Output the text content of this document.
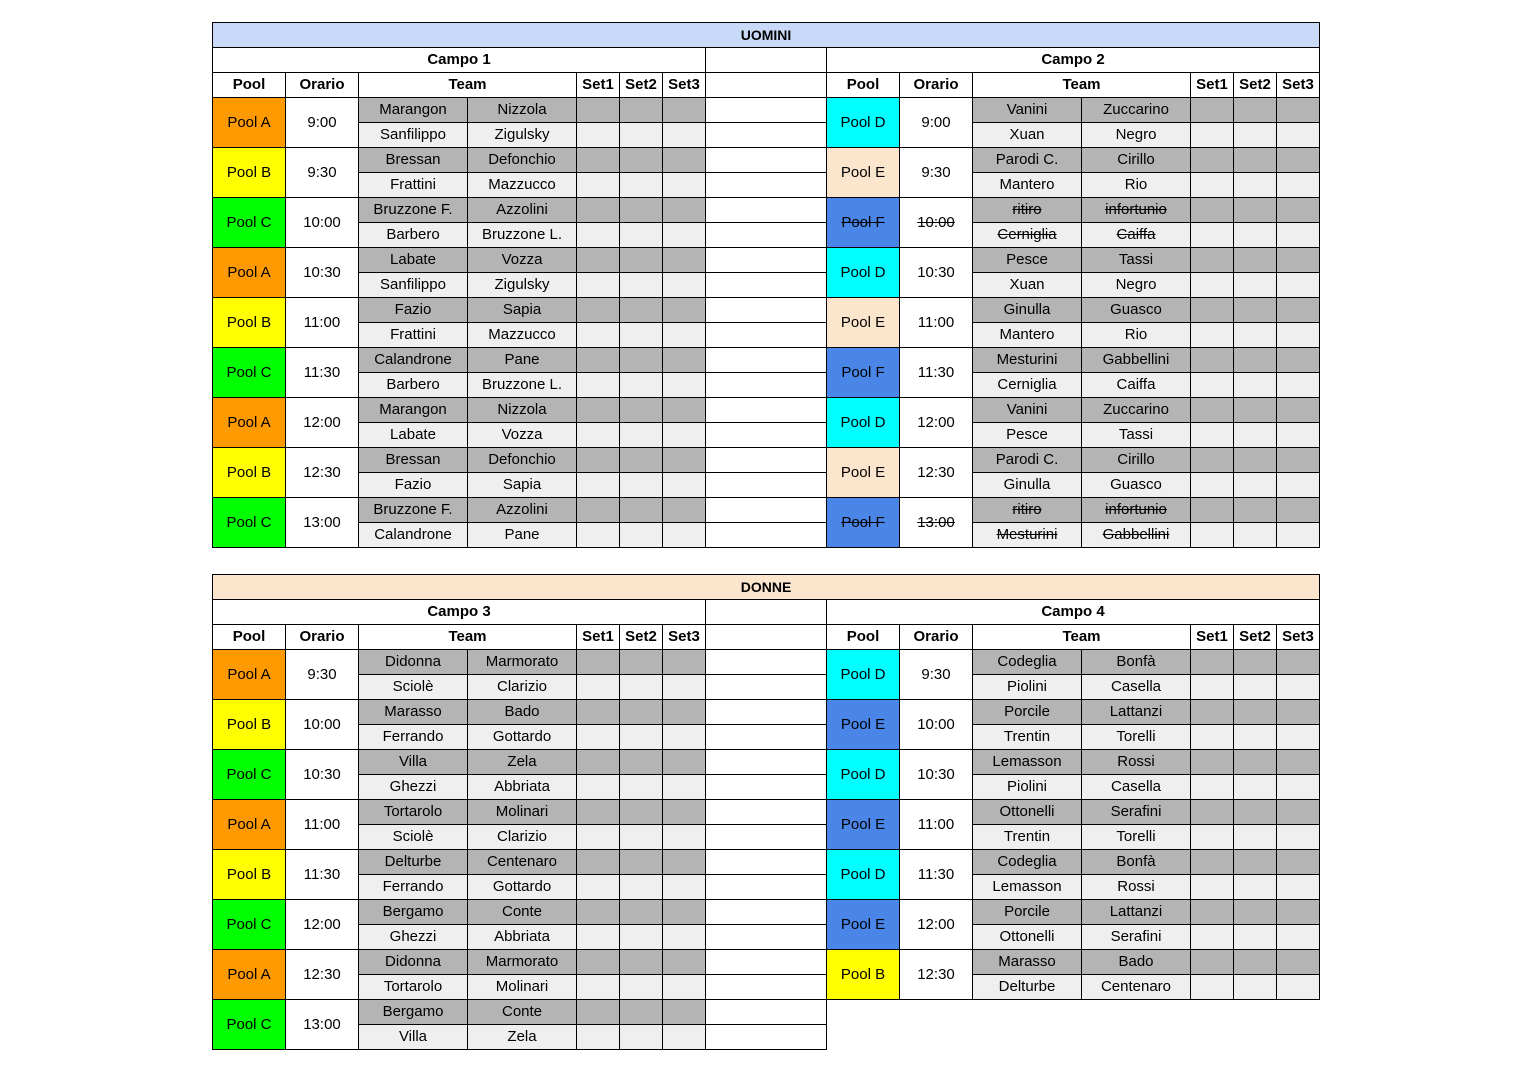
UOMINI														
Campo 1								Campo 2						
Pool	Orario	Team		Set1	Set2	Set3		Pool	Orario	Team		Set1	Set2	Set3
Pool A	9:00	Marangon	Nizzola					Pool D	9:00	Vanini	Zuccarino			
		Sanfilippo	Zigulsky							Xuan	Negro			
Pool B	9:30	Bressan	Defonchio					Pool E	9:30	Parodi C.	Cirillo			
		Frattini	Mazzucco							Mantero	Rio			
Pool C	10:00	Bruzzone F.	Azzolini					Pool F	10:00	ritiro	infortunio			
		Barbero	Bruzzone L.							Cerniglia	Caiffa			
Pool A	10:30	Labate	Vozza					Pool D	10:30	Pesce	Tassi			
		Sanfilippo	Zigulsky							Xuan	Negro			
Pool B	11:00	Fazio	Sapia					Pool E	11:00	Ginulla	Guasco			
		Frattini	Mazzucco							Mantero	Rio			
Pool C	11:30	Calandrone	Pane					Pool F	11:30	Mesturini	Gabbellini			
		Barbero	Bruzzone L.							Cerniglia	Caiffa			
Pool A	12:00	Marangon	Nizzola					Pool D	12:00	Vanini	Zuccarino			
		Labate	Vozza							Pesce	Tassi			
Pool B	12:30	Bressan	Defonchio					Pool E	12:30	Parodi C.	Cirillo			
		Fazio	Sapia							Ginulla	Guasco			
Pool C	13:00	Bruzzone F.	Azzolini					Pool F	13:00	ritiro	infortunio			
		Calandrone	Pane							Mesturini	Gabbellini			
DONNE														
Campo 3								Campo 4						
Pool	Orario	Team		Set1	Set2	Set3		Pool	Orario	Team		Set1	Set2	Set3
Pool A	9:30	Didonna	Marmorato					Pool D	9:30	Codeglia	Bonfà			
		Sciolè	Clarizio							Piolini	Casella			
Pool B	10:00	Marasso	Bado					Pool E	10:00	Porcile	Lattanzi			
		Ferrando	Gottardo							Trentin	Torelli			
Pool C	10:30	Villa	Zela					Pool D	10:30	Lemasson	Rossi			
		Ghezzi	Abbriata							Piolini	Casella			
Pool A	11:00	Tortarolo	Molinari					Pool E	11:00	Ottonelli	Serafini			
		Sciolè	Clarizio							Trentin	Torelli			
Pool B	11:30	Delturbe	Centenaro					Pool D	11:30	Codeglia	Bonfà			
		Ferrando	Gottardo							Lemasson	Rossi			
Pool C	12:00	Bergamo	Conte					Pool E	12:00	Porcile	Lattanzi			
		Ghezzi	Abbriata							Ottonelli	Serafini			
Pool A	12:30	Didonna	Marmorato					Pool B	12:30	Marasso	Bado			
		Tortarolo	Molinari							Delturbe	Centenaro			
Pool C	13:00	Bergamo	Conte											
		Villa	Zela											
